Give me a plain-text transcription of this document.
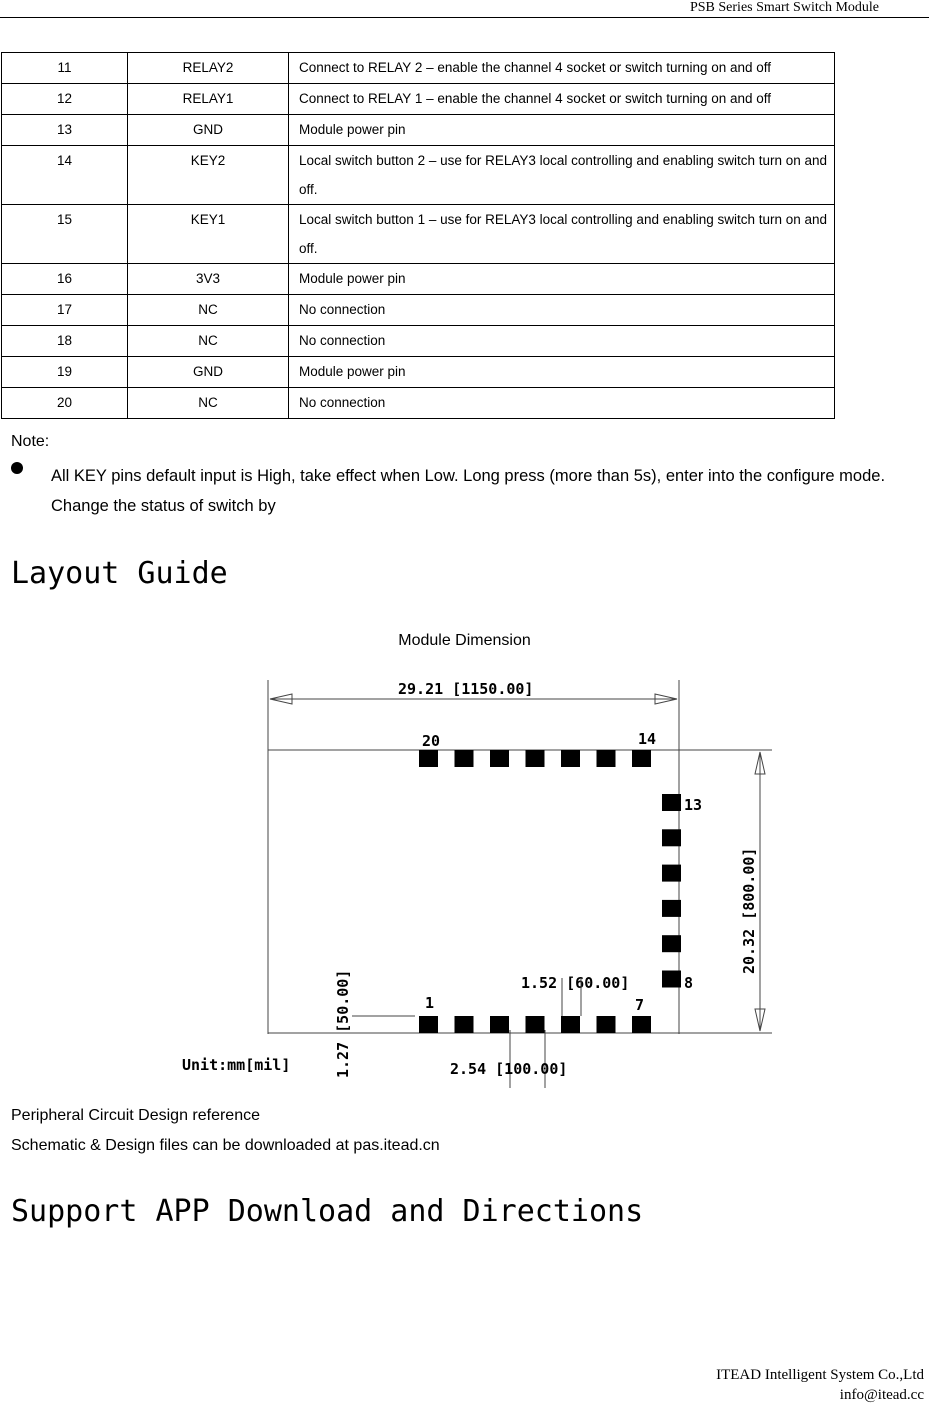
PSB Series Smart Switch Module
11	RELAY2	Connect to RELAY 2 – enable the channel 4 socket or switch turning on and off

12	RELAY1	Connect to RELAY 1 – enable the channel 4 socket or switch turning on and off

13	GND	Module power pin

14	KEY2	Local switch button 2 – use for RELAY3 local controlling and enabling switch turn on and off.

15	KEY1	Local switch button 1 – use for RELAY3 local controlling and enabling switch turn on and off.

16	3V3	Module power pin

17	NC	No connection

18	NC	No connection

19	GND	Module power pin

20	NC	No connection
Note:
All KEY pins default input is High, take effect when Low. Long press (more than 5s), enter into the configure mode. Change the status of switch by
Layout Guide
Module Dimension
29.21 [1150.00]
20.32 [800.00]
20	14
13
8
1	7
1.52 [60.00]
2.54 [100.00]
1.27 [50.00]
Unit:mm[mil]
Peripheral Circuit Design reference
Schematic & Design files can be downloaded at pas.itead.cn
Support APP Download and Directions
ITEAD Intelligent System Co.,Ltd
info@itead.cc
